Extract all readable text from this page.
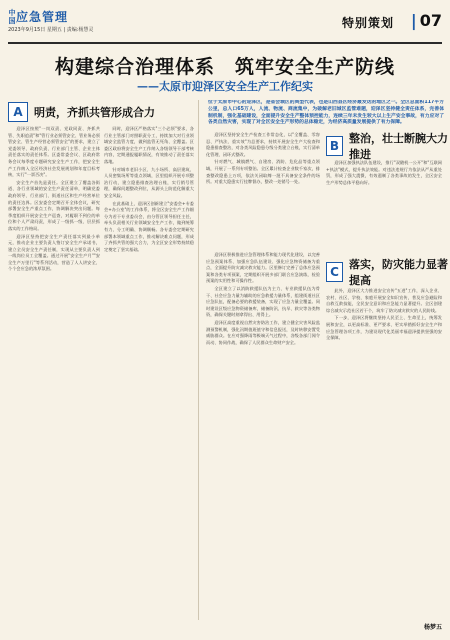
中国 应急管理
2023年9月15日 星期五 | 责编:杨慧灵	特别策划 | 07
构建综合治理体系　筑牢安全生产防线
——太原市迎泽区安全生产工作纪实
A	明责，齐抓共管形成合力

迎泽区按照"一岗双责、党政同责、齐抓共管、失职追责"和"管行业必须管安全、管业务必须管安全、管生产经营必须管安全"的要求，建立了党委领导、政府负责、行业部门主管、企业主体责任落实的责任体系。区委常委会议、区政府常务会议每季度专题研究安全生产工作，把安全生产工作纳入全区经济社会发展规划和年度目标考核，实行"一票否决"。

安全生产首先是责任。全区建立了覆盖各街道、各行业领域的安全生产责任清单，明确党委政府领导、行业部门、街道社区和生产经营单位的责任边界。区安委会定期召开全体会议，研究部署安全生产重点工作，协调解决突出问题。每季度组织开展安全生产巡查，对履职不到位的单位和个人严肃问责，形成了一级抓一级、层层抓落实的工作格局。

迎泽区坚持把安全生产责任落实到最小单元，推动企业主要负责人签订安全生产承诺书，建立全员安全生产责任制，实现从主要负责人到一线岗位员工全覆盖。通过开展"安全生产月""安全生产万里行"等系列活动，营造了人人讲安全、个个会应急的浓厚氛围。

同时，迎泽区严格落实"三个必须"要求，各行业主管部门对照职责分工，持续加大对行业领域安全监管力度，做到监管无死角、全覆盖。区委区政府将安全生产工作纳入各级领导干部考核内容，定期通报履职情况，有效推动了责任落实落地。

针对城市老旧小区、九小场所、高层建筑、人员密集场所等重点领域，区里组织开展专项整治行动，建立隐患排查治理台账，实行销号管理，确保问题整改到位，从源头上防范化解重大安全风险。

在此基础上，迎泽区创新建立"安委会+专委会+办公室"的工作体系，将全区安全生产工作细分为若干专业委员会，由分管区领导担任主任，牵头负责相关行业领域安全生产工作，做到统筹有力、分工明确、协调顺畅。各专委会定期研究部署本领域重点工作，推动解决难点问题，形成了齐抓共管的强大合力，为全区安全形势持续稳定奠定了坚实基础。

位于太原市中心的迎泽区，是省会城区的典型代表，也是山西县区经济最发达的地区之一。全区总面积117平方公里，总人口65万人，人流、物流、商流集中，为破解老旧城区监管难题，迎泽区坚持健全责任体系，完善体制机制，强化基础建设，全面提升安全生产整体预控能力，连续三年未发生较大以上生产安全事故，有力应对了各类自然灾害，实现了对全区安全生产形势的总体稳定，为经济高质量发展提供了有力保障。

迎泽区坚持安全生产检查工作常态化，以"全覆盖、零容忍、严执法、重实效"为总要求，持续开展安全生产大检查和隐患排查整治，对各类风险隐患分级分类建立台账，实行清单化管理、闭环式整改。

针对燃气、城镇燃气、自建房、消防、危化品等重点领域，开展了一系列专项整治。全区累计检查企业数千家次，排查整改隐患上万项，依法关闭取缔一批不具备安全条件的场所。对重大隐患实行挂牌督办，整改一处销号一处。

B
整治，壮士断腕大力推进

迎泽区加强执法队伍建设，推行"双随机一公开"和"互联网+执法"模式，提升执法效能。对违法违规行为依法从严从重处罚，形成了强大震慑，有效遏制了各类事故的发生，全区安全生产形势总体平稳向好。

C
落实，防灾能力显著提高

迎泽区积极推进应急管理体系和能力现代化建设，以完善应急预案体系、加强应急队伍建设、强化应急物资储备为重点，全面提升防灾减灾救灾能力。区里修订完善了总体应急预案和各类专项预案，定期组织开展多部门联合应急演练，检验预案的实用性和可操作性。

全区建立了以消防救援队伍为主力、专业救援队伍为骨干、社会应急力量为辅助的应急救援力量体系，组建街道社区应急队伍，配备必要的救援装备，实现了应急力量全覆盖。同时建设区级应急物资储备库，储备防汛、抗旱、救灾等各类物资，确保关键时刻拿得出、用得上。

迎泽区高度重视自然灾害防治工作，建立健全灾害风险监测预警机制，强化汛期值班值守和信息报送，及时转移安置受威胁群众。在应对强降雨等极端天气过程中，各级各部门闻令而动、协同作战，确保了人民群众生命财产安全。

此外，迎泽区大力推进安全宣传"五进"工作，深入企业、农村、社区、学校、家庭开展安全知识宣传，普及应急避险和自救互救技能，全民安全意识和应急能力显著提升。全区创建综合减灾示范社区若干个，筑牢了防灾减灾救灾的人民防线。

下一步，迎泽区将继续坚持人民至上、生命至上，统筹发展和安全，以更高标准、更严要求、更实举措抓好安全生产和应急管理各项工作，为建设现代化美丽幸福迎泽提供坚强的安全保障。

杨梦五
